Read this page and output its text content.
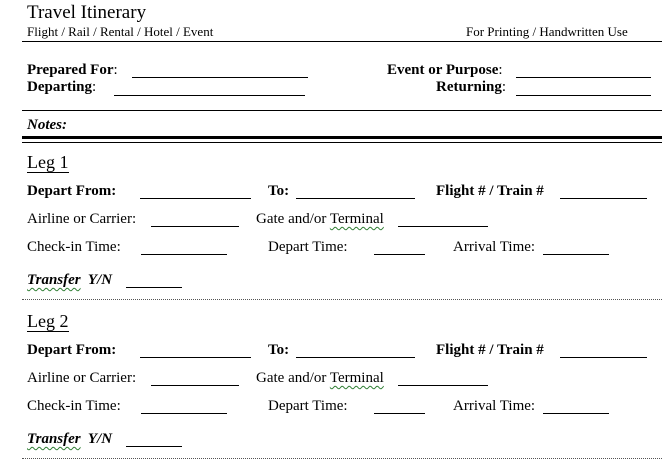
Travel Itinerary
Flight / Rail / Rental / Hotel / Event	For Printing / Handwritten Use
Prepared For:
Departing:
Event or Purpose:
Returning:
Notes:
Leg 1
Depart From:	To:	Flight # / Train #
Airline or Carrier:	Gate and/or Terminal
Check-in Time:	Depart Time:	Arrival Time:
Transfer Y/N
Leg 2
Depart From:	To:	Flight # / Train #
Airline or Carrier:	Gate and/or Terminal
Check-in Time:	Depart Time:	Arrival Time:
Transfer Y/N
